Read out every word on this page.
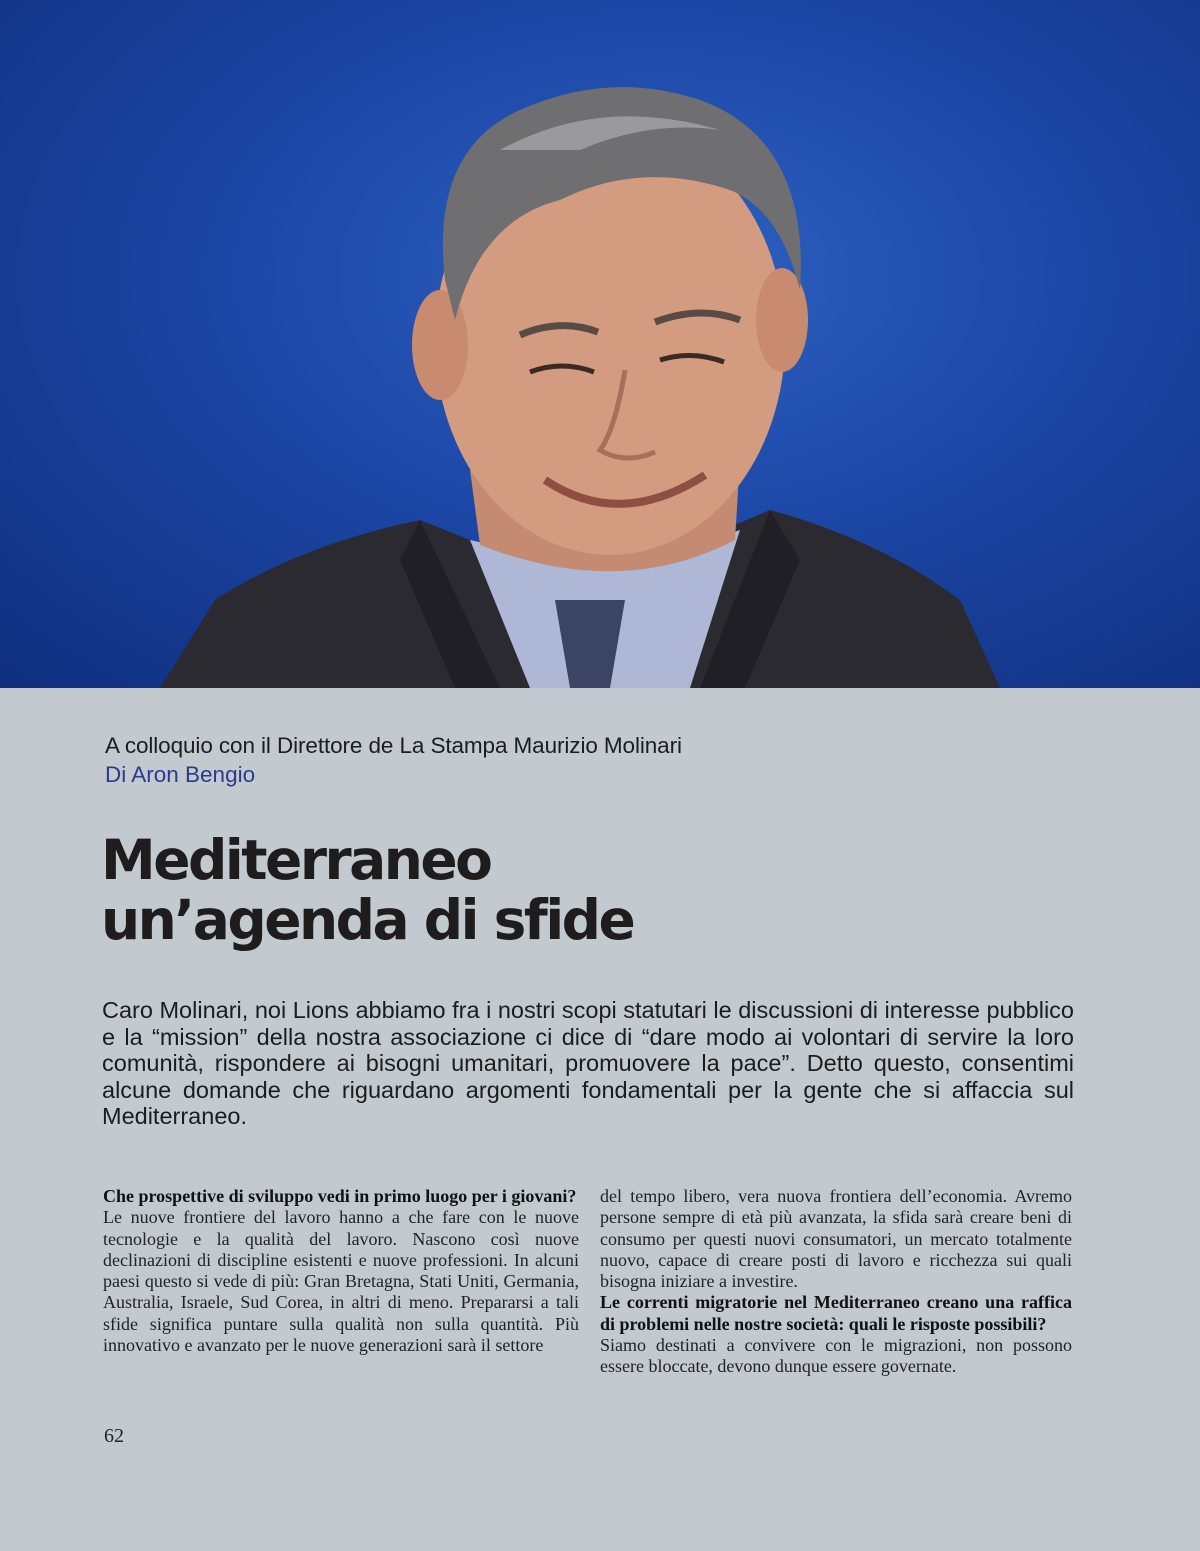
A colloquio con il Direttore de La Stampa Maurizio Molinari
Di Aron Bengio
Mediterraneo
un’agenda di sfide
Caro Molinari, noi Lions abbiamo fra i nostri scopi statutari le discussioni di interesse pubblico e la “mission” della nostra associazione ci dice di “dare modo ai volontari di servire la loro comunità, rispondere ai bisogni umanitari, promuovere la pace”. Detto questo, consentimi alcune domande che riguardano argomenti fondamentali per la gente che si affaccia sul Mediterraneo.

Che prospettive di sviluppo vedi in primo luogo per i giovani?

Le nuove frontiere del lavoro hanno a che fare con le nuove tecnologie e la qualità del lavoro. Nascono così nuove declinazioni di discipline esistenti e nuove professioni. In alcuni paesi questo si vede di più: Gran Bretagna, Stati Uniti, Germania, Australia, Israele, Sud Corea, in altri di meno. Prepararsi a tali sfide significa puntare sulla qualità non sulla quantità. Più innovativo e avanzato per le nuove generazioni sarà il settore

del tempo libero, vera nuova frontiera dell’economia. Avremo persone sempre di età più avanzata, la sfida sarà creare beni di consumo per questi nuovi consumatori, un mercato totalmente nuovo, capace di creare posti di lavoro e ricchezza sui quali bisogna iniziare a investire.

Le correnti migratorie nel Mediterraneo creano una raffica di problemi nelle nostre società: quali le risposte possibili?

Siamo destinati a convivere con le migrazioni, non possono essere bloccate, devono dunque essere governate.

62
